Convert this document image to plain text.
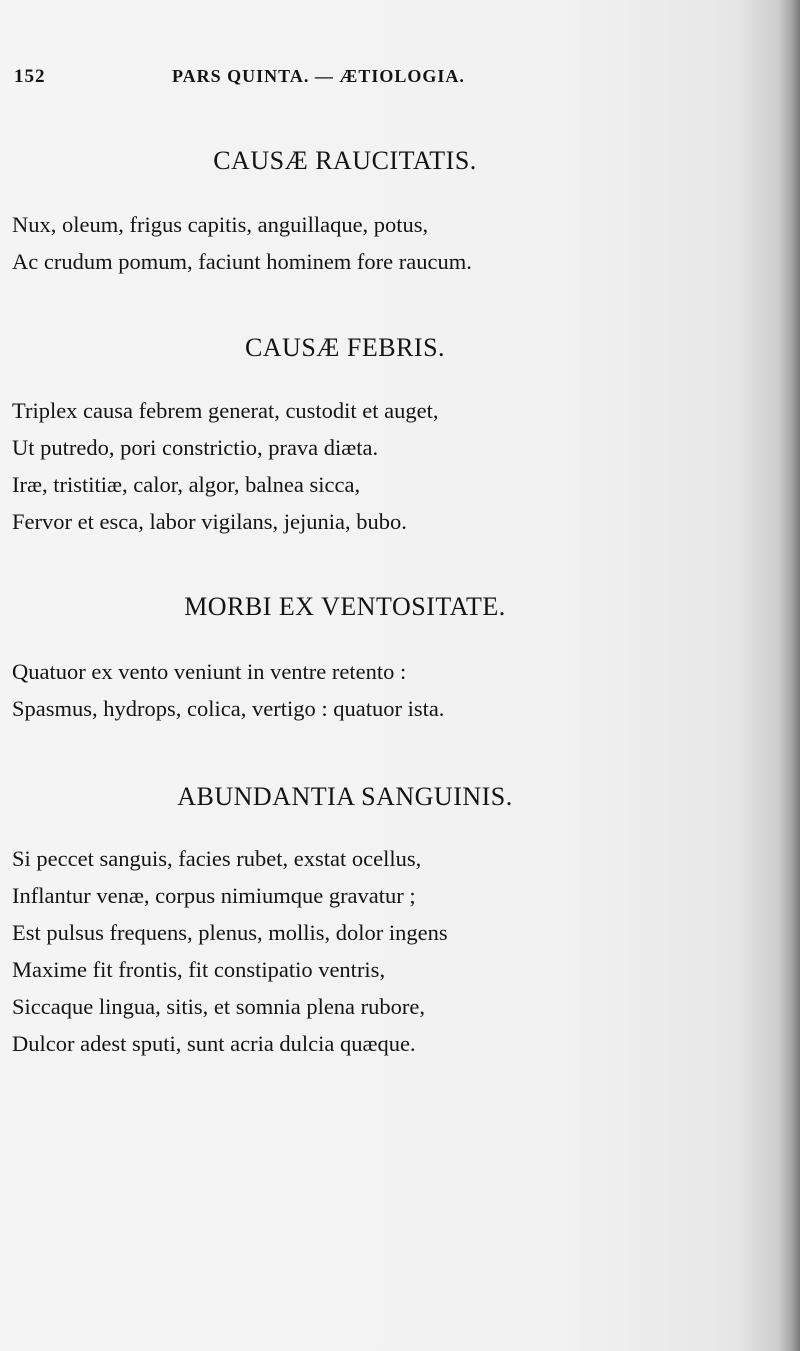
152	PARS QUINTA. — ÆTIOLOGIA.
CAUSÆ RAUCITATIS.
Nux, oleum, frigus capitis, anguillaque, potus,
Ac crudum pomum, faciunt hominem fore raucum.
CAUSÆ FEBRIS.
Triplex causa febrem generat, custodit et auget,
Ut putredo, pori constrictio, prava diæta.
Iræ, tristitiæ, calor, algor, balnea sicca,
Fervor et esca, labor vigilans, jejunia, bubo.
MORBI EX VENTOSITATE.
Quatuor ex vento veniunt in ventre retento :
Spasmus, hydrops, colica, vertigo : quatuor ista.
ABUNDANTIA SANGUINIS.
Si peccet sanguis, facies rubet, exstat ocellus,
Inflantur venæ, corpus nimiumque gravatur ;
Est pulsus frequens, plenus, mollis, dolor ingens
Maxime fit frontis, fit constipatio ventris,
Siccaque lingua, sitis, et somnia plena rubore,
Dulcor adest sputi, sunt acria dulcia quæque.
